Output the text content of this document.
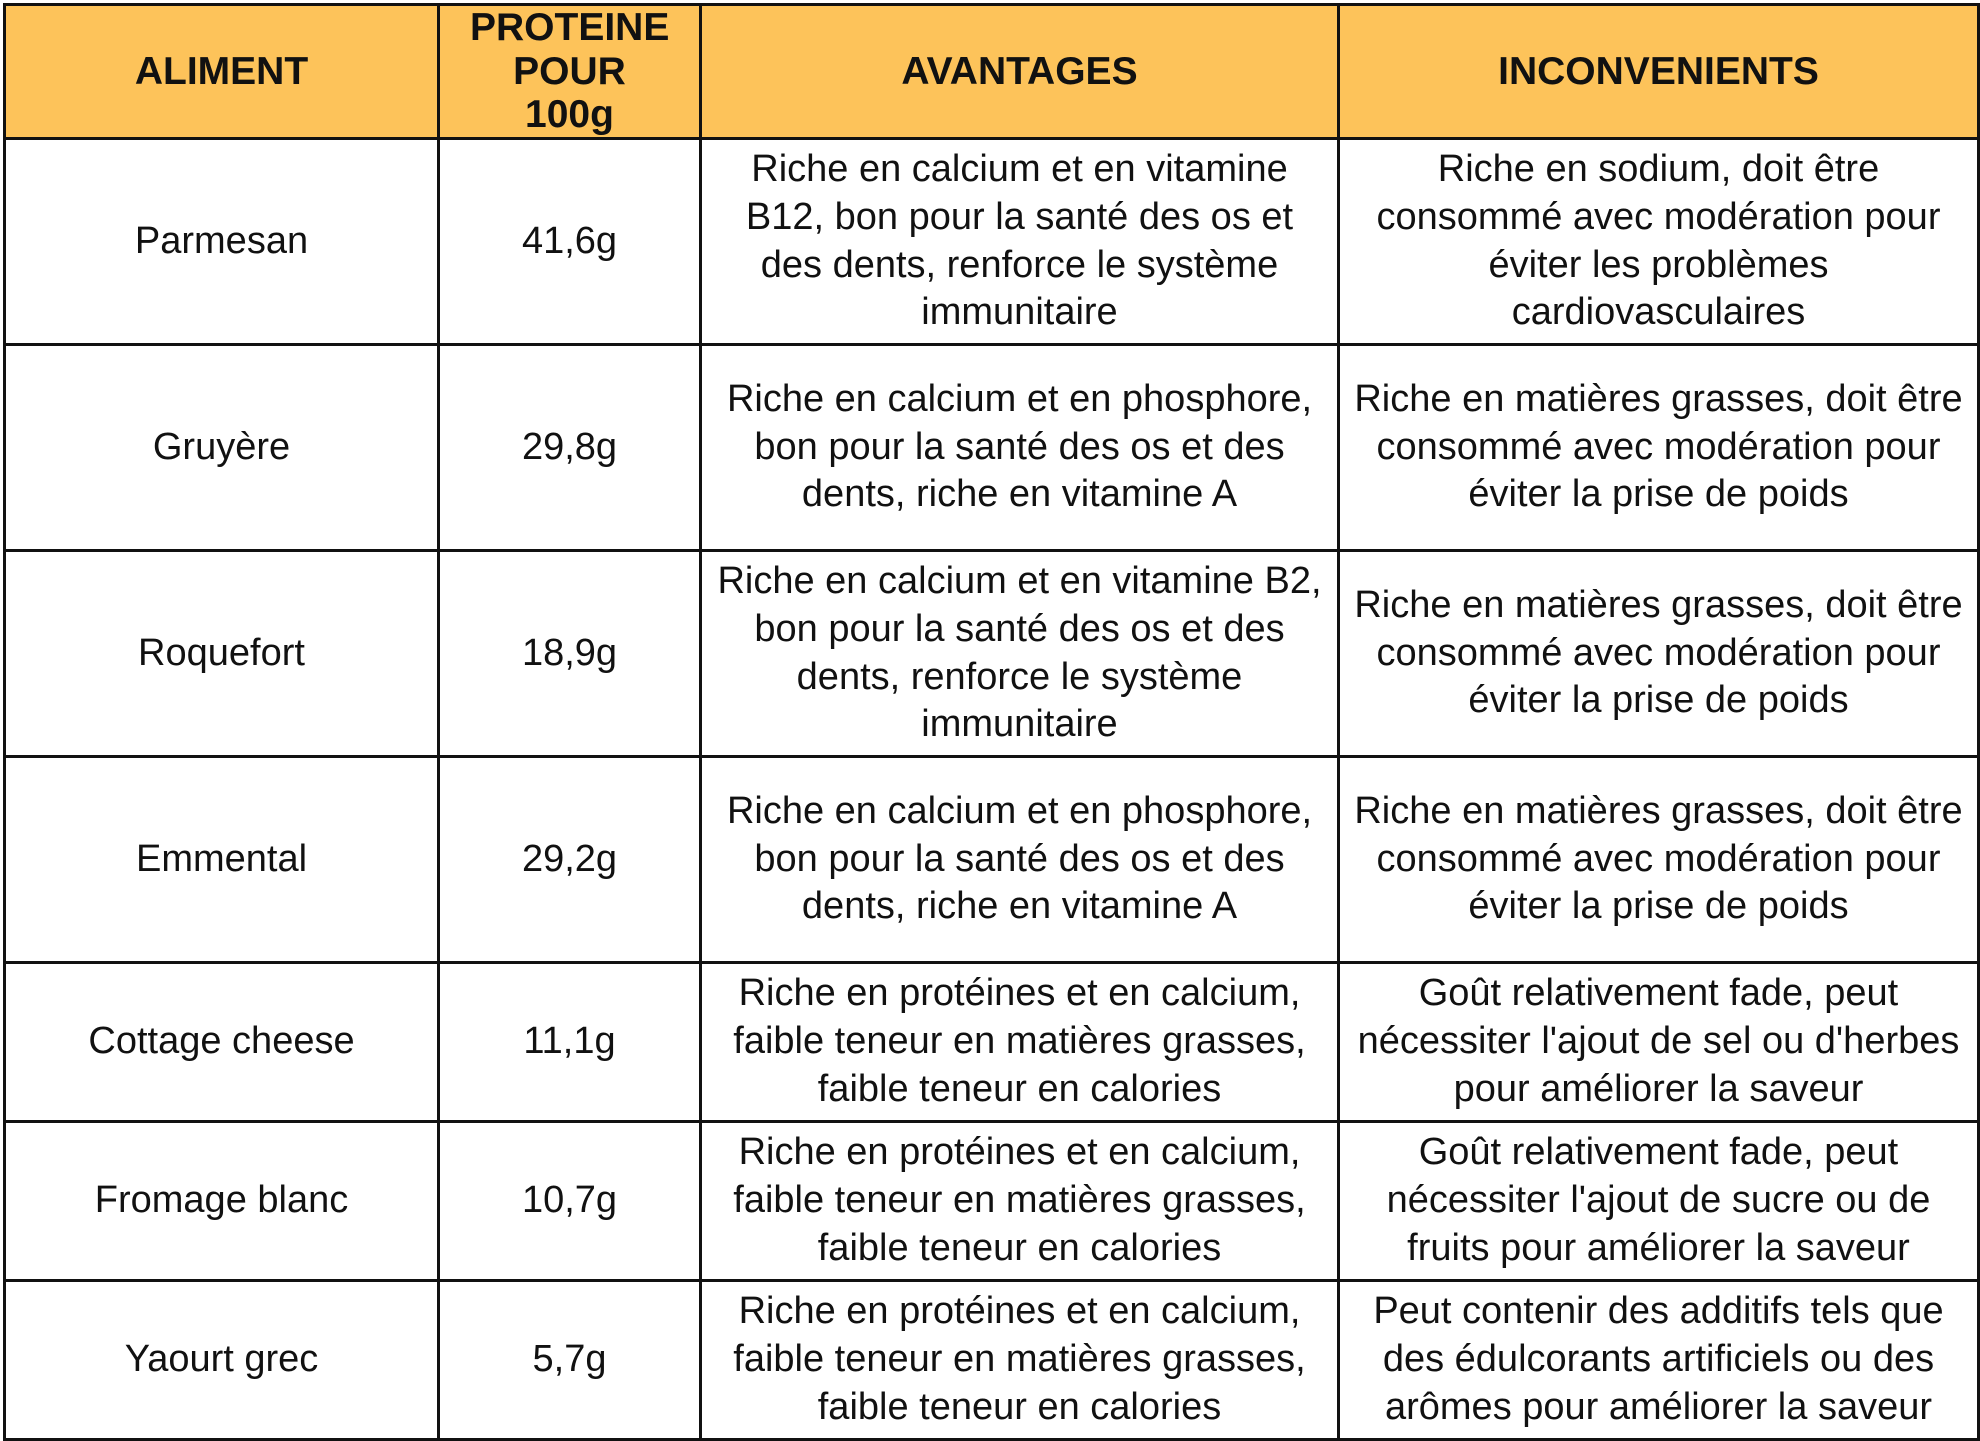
ALIMENT	PROTEINE POUR 100g	AVANTAGES	INCONVENIENTS
Parmesan	41,6g	Riche en calcium et en vitamine B12, bon pour la santé des os et des dents, renforce le système immunitaire	Riche en sodium, doit être consommé avec modération pour éviter les problèmes cardiovasculaires
Gruyère	29,8g	Riche en calcium et en phosphore, bon pour la santé des os et des dents, riche en vitamine A	Riche en matières grasses, doit être consommé avec modération pour éviter la prise de poids
Roquefort	18,9g	Riche en calcium et en vitamine B2, bon pour la santé des os et des dents, renforce le système immunitaire	Riche en matières grasses, doit être consommé avec modération pour éviter la prise de poids
Emmental	29,2g	Riche en calcium et en phosphore, bon pour la santé des os et des dents, riche en vitamine A	Riche en matières grasses, doit être consommé avec modération pour éviter la prise de poids
Cottage cheese	11,1g	Riche en protéines et en calcium, faible teneur en matières grasses, faible teneur en calories	Goût relativement fade, peut nécessiter l'ajout de sel ou d'herbes pour améliorer la saveur
Fromage blanc	10,7g	Riche en protéines et en calcium, faible teneur en matières grasses, faible teneur en calories	Goût relativement fade, peut nécessiter l'ajout de sucre ou de fruits pour améliorer la saveur
Yaourt grec	5,7g	Riche en protéines et en calcium, faible teneur en matières grasses, faible teneur en calories	Peut contenir des additifs tels que des édulcorants artificiels ou des arômes pour améliorer la saveur
